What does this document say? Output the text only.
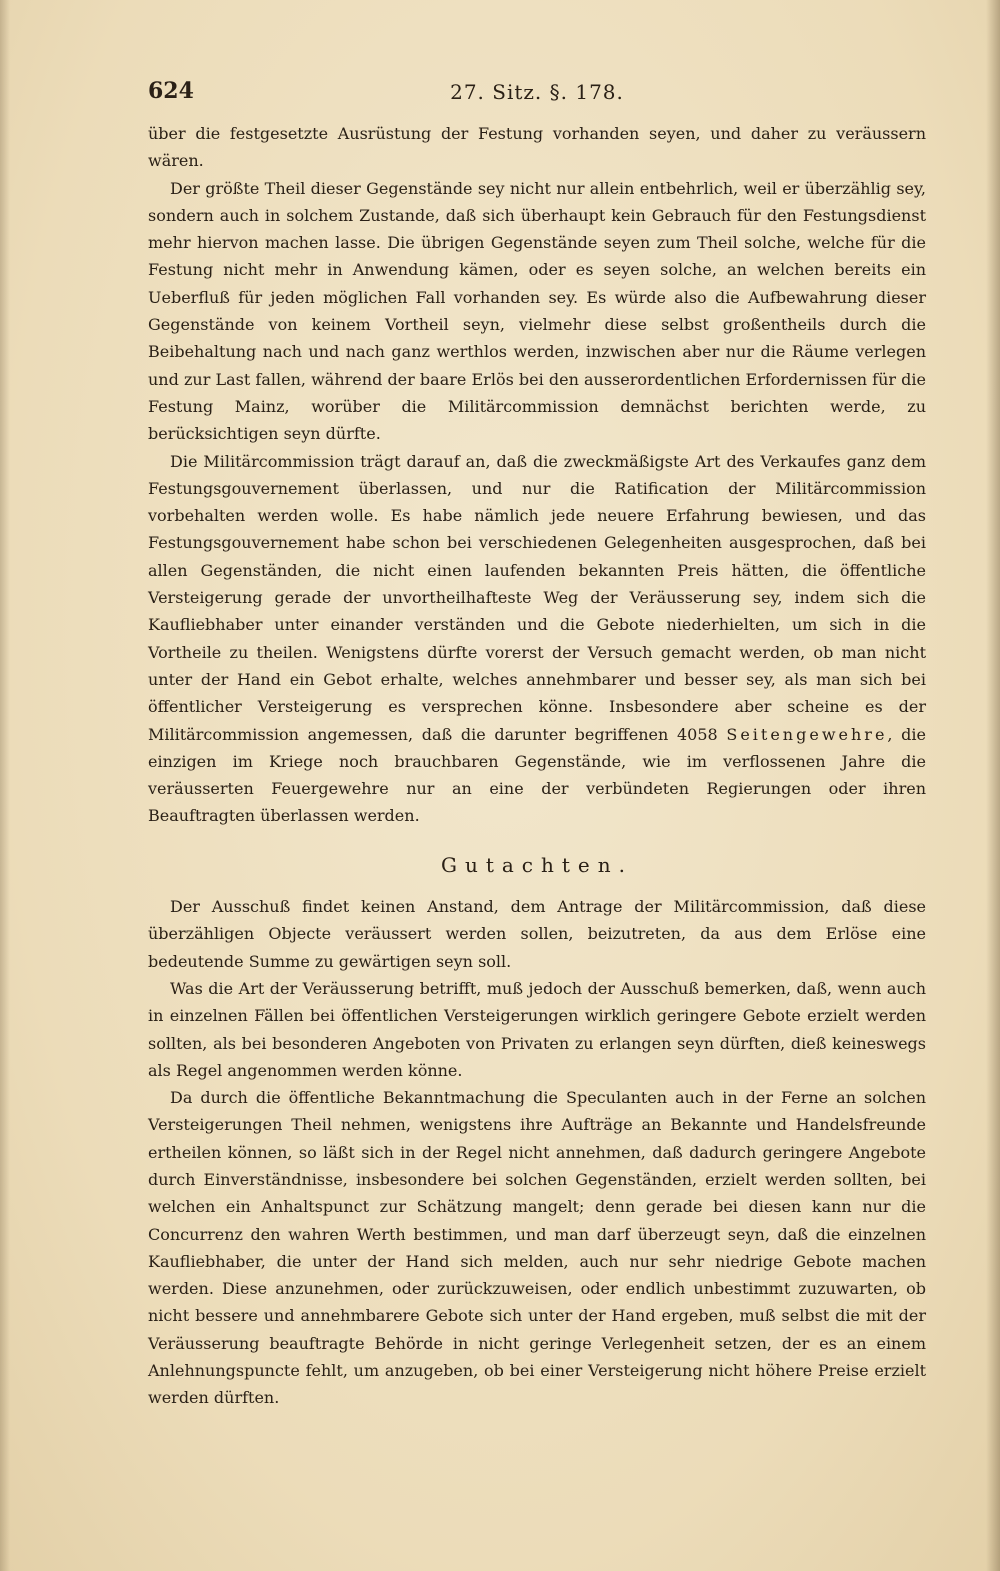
624	27. Sitz. §. 178.

über die festgesetzte Ausrüstung der Festung vorhanden seyen, und daher zu veräussern wären.

Der größte Theil dieser Gegenstände sey nicht nur allein entbehrlich, weil er überzählig sey, sondern auch in solchem Zustande, daß sich überhaupt kein Gebrauch für den Festungsdienst mehr hiervon machen lasse. Die übrigen Gegenstände seyen zum Theil solche, welche für die Festung nicht mehr in Anwendung kämen, oder es seyen solche, an welchen bereits ein Ueberfluß für jeden möglichen Fall vorhanden sey. Es würde also die Aufbewahrung dieser Gegenstände von keinem Vortheil seyn, vielmehr diese selbst großentheils durch die Beibehaltung nach und nach ganz werthlos werden, inzwischen aber nur die Räume verlegen und zur Last fallen, während der baare Erlös bei den ausserordentlichen Erfordernissen für die Festung Mainz, worüber die Militärcommission demnächst berichten werde, zu berücksichtigen seyn dürfte.

Die Militärcommission trägt darauf an, daß die zweckmäßigste Art des Verkaufes ganz dem Festungsgouvernement überlassen, und nur die Ratification der Militärcommission vorbehalten werden wolle. Es habe nämlich jede neuere Erfahrung bewiesen, und das Festungsgouvernement habe schon bei verschiedenen Gelegenheiten ausgesprochen, daß bei allen Gegenständen, die nicht einen laufenden bekannten Preis hätten, die öffentliche Versteigerung gerade der unvortheilhafteste Weg der Veräusserung sey, indem sich die Kaufliebhaber unter einander verständen und die Gebote niederhielten, um sich in die Vortheile zu theilen. Wenigstens dürfte vorerst der Versuch gemacht werden, ob man nicht unter der Hand ein Gebot erhalte, welches annehmbarer und besser sey, als man sich bei öffentlicher Versteigerung es versprechen könne. Insbesondere aber scheine es der Militärcommission angemessen, daß die darunter begriffenen 4058 Seitengewehre, die einzigen im Kriege noch brauchbaren Gegenstände, wie im verflossenen Jahre die veräusserten Feuergewehre nur an eine der verbündeten Regierungen oder ihren Beauftragten überlassen werden.

Gutachten.

Der Ausschuß findet keinen Anstand, dem Antrage der Militärcommission, daß diese überzähligen Objecte veräussert werden sollen, beizutreten, da aus dem Erlöse eine bedeutende Summe zu gewärtigen seyn soll.

Was die Art der Veräusserung betrifft, muß jedoch der Ausschuß bemerken, daß, wenn auch in einzelnen Fällen bei öffentlichen Versteigerungen wirklich geringere Gebote erzielt werden sollten, als bei besonderen Angeboten von Privaten zu erlangen seyn dürften, dieß keineswegs als Regel angenommen werden könne.

Da durch die öffentliche Bekanntmachung die Speculanten auch in der Ferne an solchen Versteigerungen Theil nehmen, wenigstens ihre Aufträge an Bekannte und Handelsfreunde ertheilen können, so läßt sich in der Regel nicht annehmen, daß dadurch geringere Angebote durch Einverständnisse, insbesondere bei solchen Gegenständen, erzielt werden sollten, bei welchen ein Anhaltspunct zur Schätzung mangelt; denn gerade bei diesen kann nur die Concurrenz den wahren Werth bestimmen, und man darf überzeugt seyn, daß die einzelnen Kaufliebhaber, die unter der Hand sich melden, auch nur sehr niedrige Gebote machen werden. Diese anzunehmen, oder zurückzuweisen, oder endlich unbestimmt zuzuwarten, ob nicht bessere und annehmbarere Gebote sich unter der Hand ergeben, muß selbst die mit der Veräusserung beauftragte Behörde in nicht geringe Verlegenheit setzen, der es an einem Anlehnungspuncte fehlt, um anzugeben, ob bei einer Versteigerung nicht höhere Preise erzielt werden dürften.
